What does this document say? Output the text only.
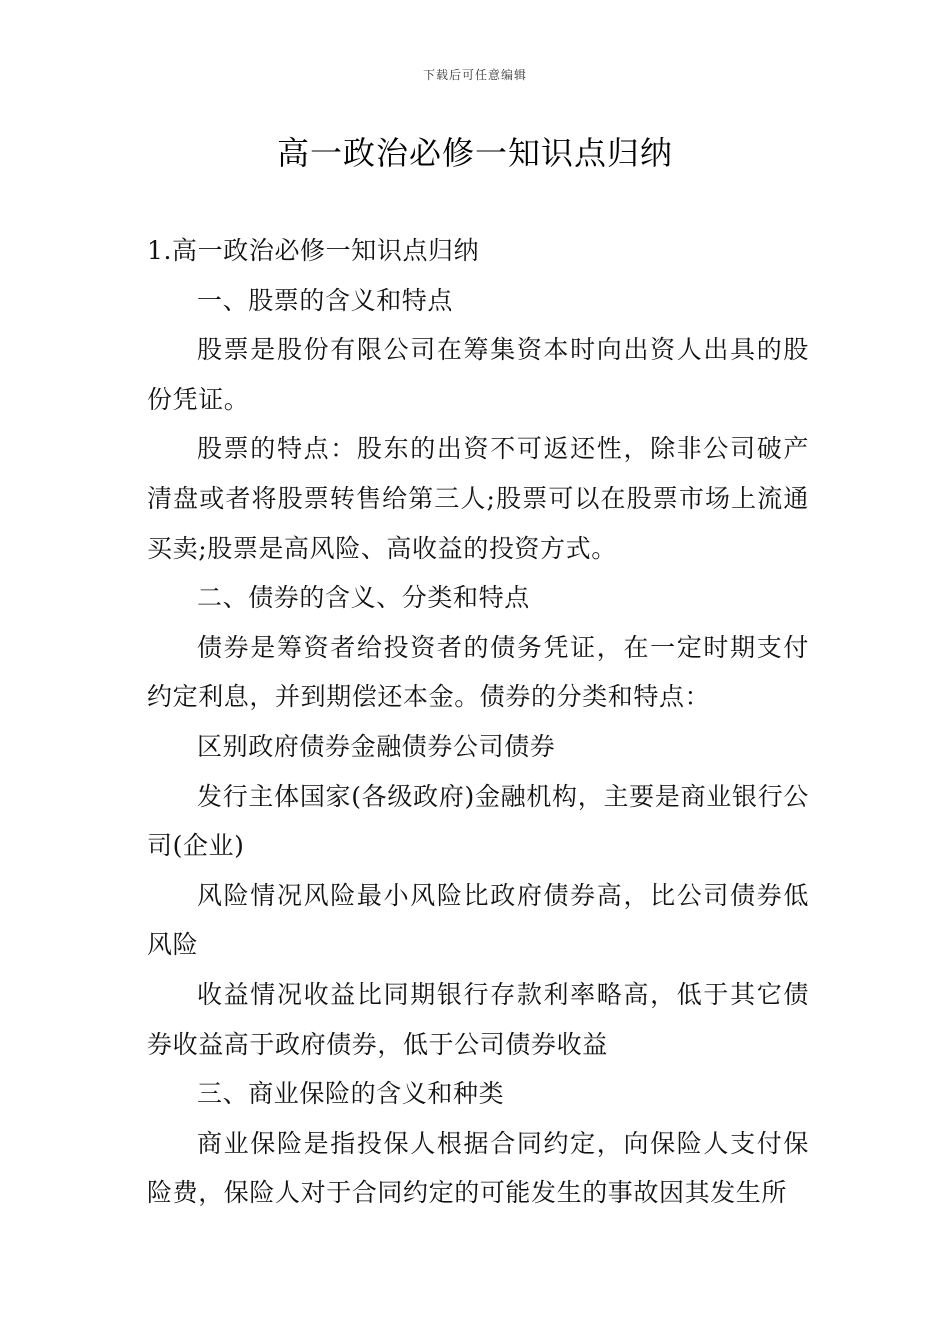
下载后可任意编辑
高一政治必修一知识点归纳

1.高一政治必修一知识点归纳

一、股票的含义和特点

股票是股份有限公司在筹集资本时向出资人出具的股份凭证。

股票的特点：股东的出资不可返还性，除非公司破产清盘或者将股票转售给第三人;股票可以在股票市场上流通买卖;股票是高风险、高收益的投资方式。

二、债券的含义、分类和特点

债券是筹资者给投资者的债务凭证，在一定时期支付约定利息，并到期偿还本金。债券的分类和特点：

区别政府债券金融债券公司债券

发行主体国家(各级政府)金融机构，主要是商业银行公司(企业)

风险情况风险最小风险比政府债券高，比公司债券低风险

收益情况收益比同期银行存款利率略高，低于其它债券收益高于政府债券，低于公司债券收益

三、商业保险的含义和种类

商业保险是指投保人根据合同约定，向保险人支付保险费，保险人对于合同约定的可能发生的事故因其发生所
